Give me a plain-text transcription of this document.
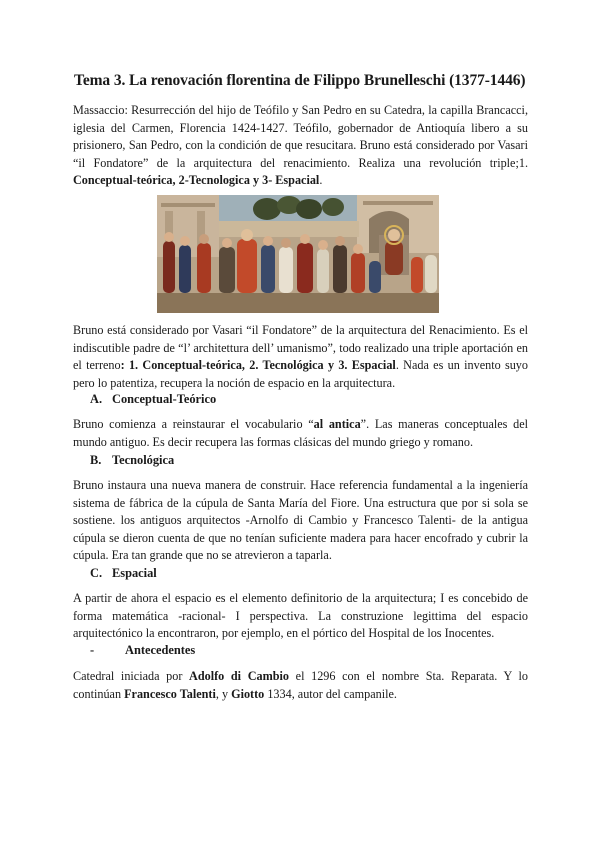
Tema 3. La renovación florentina de Filippo Brunelleschi (1377-1446)
Massaccio: Resurrección del hijo de Teófilo y San Pedro en su Catedra, la capilla Brancacci, iglesia del Carmen, Florencia 1424-1427. Teófilo, gobernador de Antioquía libero a su prisionero, San Pedro, con la condición de que resucitara. Bruno está considerado por Vasari “il Fondatore” de la arquitectura del renacimiento. Realiza una revolución triple;1. Conceptual-teórica, 2-Tecnologica y 3- Espacial.
Bruno está considerado por Vasari “il Fondatore” de la arquitectura del Renacimiento. Es el indiscutible padre de “l’ architettura dell’ umanismo”, todo realizado una triple aportación en el terreno: 1. Conceptual-teórica, 2. Tecnológica y 3. Espacial. Nada es un invento suyo pero lo patentiza, recupera la noción de espacio en la arquitectura.
A. Conceptual-Teórico
Bruno comienza a reinstaurar el vocabulario “al antica”. Las maneras conceptuales del mundo antiguo. Es decir recupera las formas clásicas del mundo griego y romano.
B. Tecnológica
Bruno instaura una nueva manera de construir. Hace referencia fundamental a la ingeniería sistema de fábrica de la cúpula de Santa María del Fiore. Una estructura que por si sola se sostiene. los antiguos arquitectos -Arnolfo di Cambio y Francesco Talenti- de la antigua cúpula se dieron cuenta de que no tenían suficiente madera para hacer encofrado y cubrir la cúpula. Era tan grande que no se atrevieron a taparla.
C. Espacial
A partir de ahora el espacio es el elemento definitorio de la arquitectura; I es concebido de forma matemática -racional- I perspectiva. La construzione legittima del espacio arquitectónico la encontraron, por ejemplo, en el pórtico del Hospital de los Inocentes.
- Antecedentes
Catedral iniciada por Adolfo di Cambio el 1296 con el nombre Sta. Reparata. Y lo continúan Francesco Talenti, y Giotto 1334, autor del campanile.
